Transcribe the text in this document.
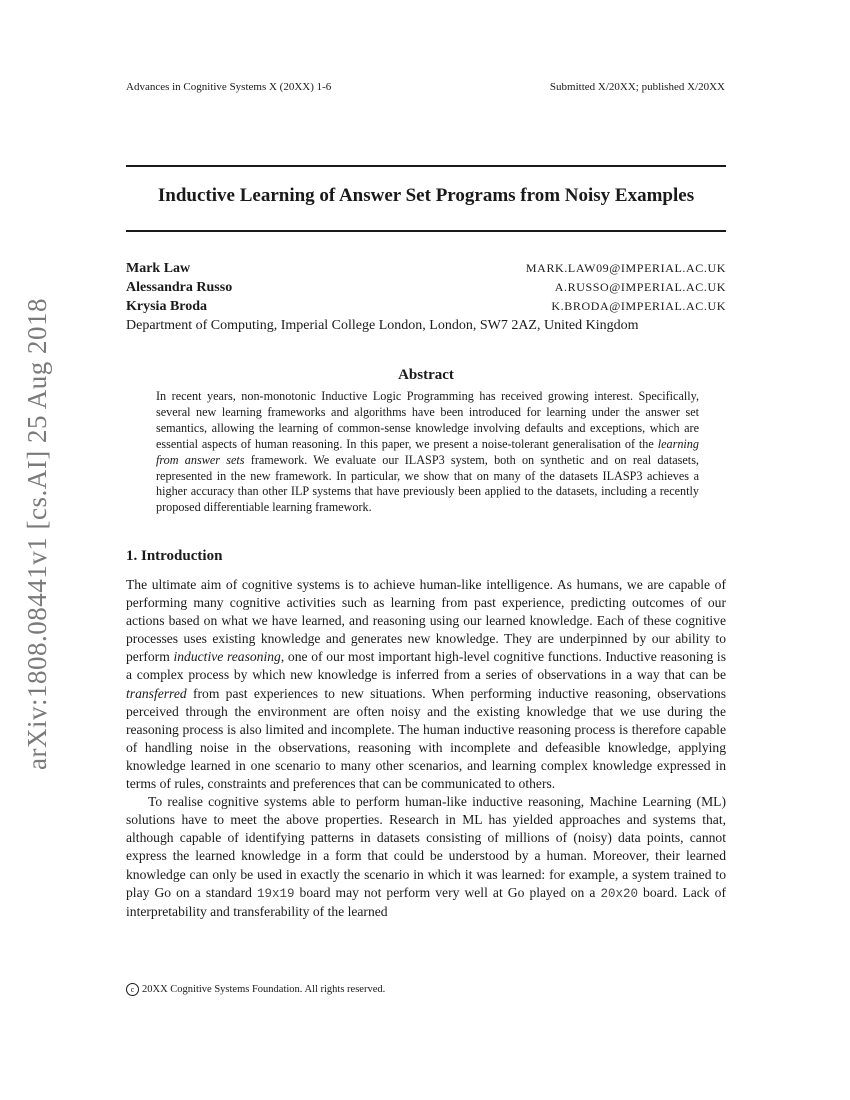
Advances in Cognitive Systems X (20XX) 1-6	Submitted X/20XX; published X/20XX
arXiv:1808.08441v1 [cs.AI] 25 Aug 2018
Inductive Learning of Answer Set Programs from Noisy Examples
Mark Law	MARK.LAW09@IMPERIAL.AC.UK
Alessandra Russo	A.RUSSO@IMPERIAL.AC.UK
Krysia Broda	K.BRODA@IMPERIAL.AC.UK
Department of Computing, Imperial College London, London, SW7 2AZ, United Kingdom
Abstract
In recent years, non-monotonic Inductive Logic Programming has received growing interest. Specifically, several new learning frameworks and algorithms have been introduced for learning under the answer set semantics, allowing the learning of common-sense knowledge involving defaults and exceptions, which are essential aspects of human reasoning. In this paper, we present a noise-tolerant generalisation of the learning from answer sets framework. We evaluate our ILASP3 system, both on synthetic and on real datasets, represented in the new framework. In particular, we show that on many of the datasets ILASP3 achieves a higher accuracy than other ILP systems that have previously been applied to the datasets, including a recently proposed differentiable learning framework.
1. Introduction

The ultimate aim of cognitive systems is to achieve human-like intelligence. As humans, we are capable of performing many cognitive activities such as learning from past experience, predicting outcomes of our actions based on what we have learned, and reasoning using our learned knowledge. Each of these cognitive processes uses existing knowledge and generates new knowledge. They are underpinned by our ability to perform inductive reasoning, one of our most important high-level cognitive functions. Inductive reasoning is a complex process by which new knowledge is inferred from a series of observations in a way that can be transferred from past experiences to new situations. When performing inductive reasoning, observations perceived through the environment are often noisy and the existing knowledge that we use during the reasoning process is also limited and incomplete. The human inductive reasoning process is therefore capable of handling noise in the observations, reasoning with incomplete and defeasible knowledge, applying knowledge learned in one scenario to many other scenarios, and learning complex knowledge expressed in terms of rules, constraints and preferences that can be communicated to others.

To realise cognitive systems able to perform human-like inductive reasoning, Machine Learning (ML) solutions have to meet the above properties. Research in ML has yielded approaches and systems that, although capable of identifying patterns in datasets consisting of millions of (noisy) data points, cannot express the learned knowledge in a form that could be understood by a human. Moreover, their learned knowledge can only be used in exactly the scenario in which it was learned: for example, a system trained to play Go on a standard 19x19 board may not perform very well at Go played on a 20x20 board. Lack of interpretability and transferability of the learned

c 20XX Cognitive Systems Foundation. All rights reserved.
